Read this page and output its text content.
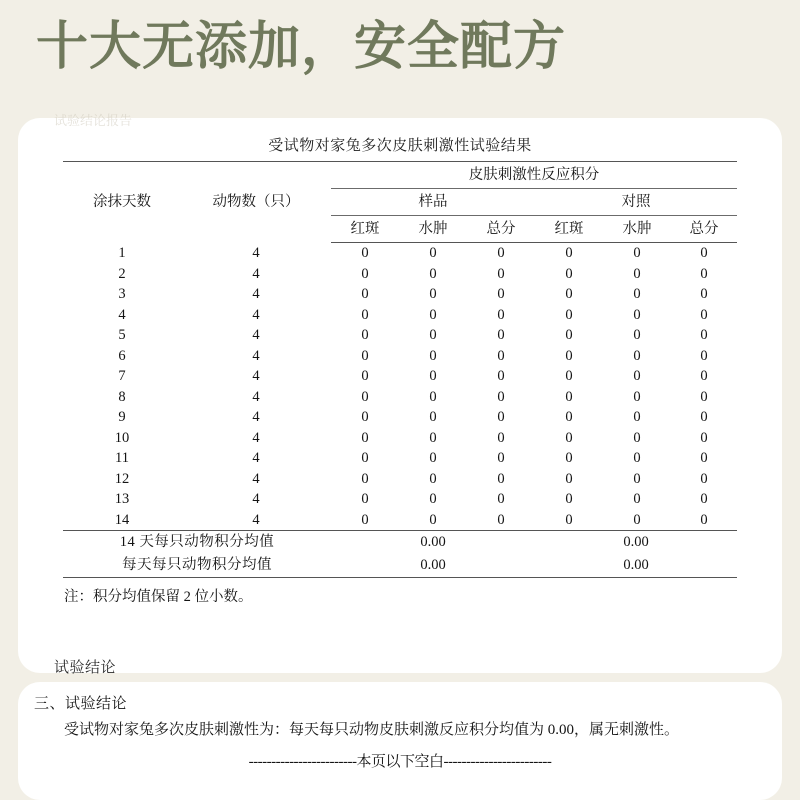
十大无添加，安全配方
试验结论报告
受试物对家兔多次皮肤刺激性试验结果
涂抹天数	动物数（只）	皮肤刺激性反应积分					
		样品			对照		
		红斑	水肿	总分	红斑	水肿	总分
1	4	0	0	0	0	0	0
2	4	0	0	0	0	0	0
3	4	0	0	0	0	0	0
4	4	0	0	0	0	0	0
5	4	0	0	0	0	0	0
6	4	0	0	0	0	0	0
7	4	0	0	0	0	0	0
8	4	0	0	0	0	0	0
9	4	0	0	0	0	0	0
10	4	0	0	0	0	0	0
11	4	0	0	0	0	0	0
12	4	0	0	0	0	0	0
13	4	0	0	0	0	0	0
14	4	0	0	0	0	0	0
14 天每只动物积分均值		0.00			0.00		
每天每只动物积分均值		0.00			0.00		
注：积分均值保留 2 位小数。
试验结论
三、试验结论
受试物对家兔多次皮肤刺激性为：每天每只动物皮肤刺激反应积分均值为 0.00，属无刺激性。
------------------------本页以下空白------------------------
